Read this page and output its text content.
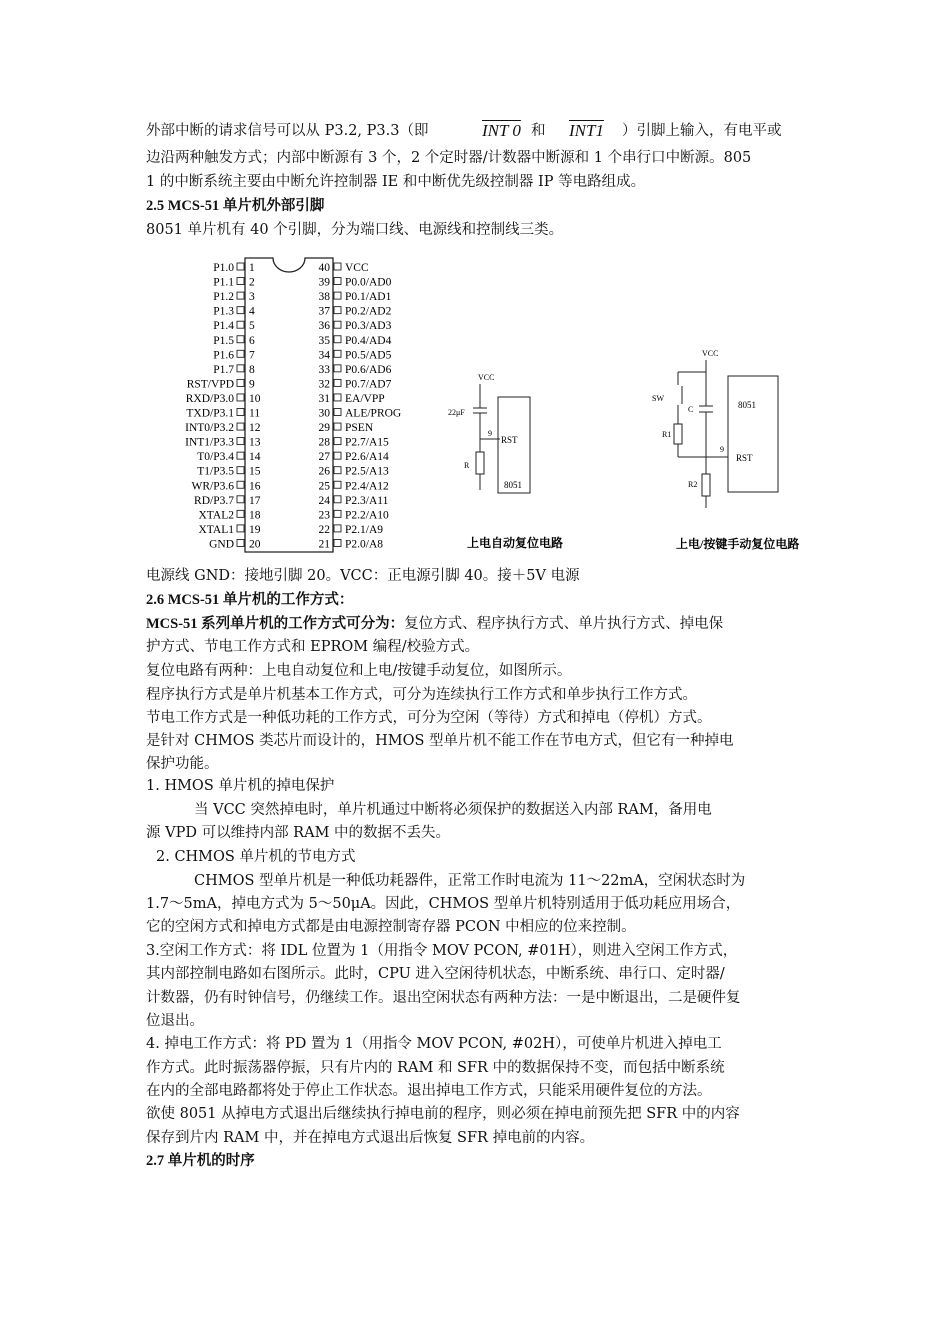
外部中断的请求信号可以从 P3.2, P3.3（即	INT 0 和 INT1 ）引脚上输入，有电平或
边沿两种触发方式；内部中断源有 3 个，2 个定时器/计数器中断源和 1 个串行口中断源。805
1 的中断系统主要由中断允许控制器 IE 和中断优先级控制器 IP 等电路组成。
2.5 MCS-51 单片机外部引脚
8051 单片机有 40 个引脚，分为端口线、电源线和控制线三类。
P1.0 1
P1.1 2
P1.2 3
P1.3 4
P1.4 5
P1.5 6
P1.6 7
P1.7 8
RST/VPD 9
RXD/P3.0 10
TXD/P3.1 11
INT0/P3.2 12
INT1/P3.3 13
T0/P3.4 14
T1/P3.5 15
WR/P3.6 16
RD/P3.7 17
XTAL2 18
XTAL1 19
GND 20
VCC
40
P0.0/AD0
39
P0.1/AD1
38
P0.2/AD2
37
P0.3/AD3
36
P0.4/AD4
35
P0.5/AD5
34
P0.6/AD6
33
P0.7/AD7
32
EA/VPP
31
ALE/PROG
30
PSEN
29
P2.7/A15
28
P2.6/A14
27
P2.5/A13
26
P2.4/A12
25
P2.3/A11
24
P2.2/A10
23
P2.1/A9
22
P2.0/A8
21
VCC
22μF
9
R
RST
8051
上电自动复位电路
VCC
SW
R1
C
9
R2
8051
RST
上电/按键手动复位电路
电源线 GND：接地引脚 20。VCC：正电源引脚 40。接＋5V 电源
2.6 MCS-51 单片机的工作方式：
MCS-51 系列单片机的工作方式可分为：复位方式、程序执行方式、单片执行方式、掉电保
护方式、节电工作方式和 EPROM 编程/校验方式。
复位电路有两种：上电自动复位和上电/按键手动复位，如图所示。
程序执行方式是单片机基本工作方式，可分为连续执行工作方式和单步执行工作方式。
节电工作方式是一种低功耗的工作方式，可分为空闲（等待）方式和掉电（停机）方式。
是针对 CHMOS 类芯片而设计的，HMOS 型单片机不能工作在节电方式，但它有一种掉电
保护功能。
1. HMOS 单片机的掉电保护
当 VCC 突然掉电时，单片机通过中断将必须保护的数据送入内部 RAM，备用电
源 VPD 可以维持内部 RAM 中的数据不丢失。
2. CHMOS 单片机的节电方式
CHMOS 型单片机是一种低功耗器件，正常工作时电流为 11～22mA，空闲状态时为
1.7～5mA，掉电方式为 5～50μA。因此，CHMOS 型单片机特别适用于低功耗应用场合，
它的空闲方式和掉电方式都是由电源控制寄存器 PCON 中相应的位来控制。
3.空闲工作方式：将 IDL 位置为 1（用指令 MOV PCON, #01H），则进入空闲工作方式，
其内部控制电路如右图所示。此时，CPU 进入空闲待机状态，中断系统、串行口、定时器/
计数器，仍有时钟信号，仍继续工作。退出空闲状态有两种方法：一是中断退出，二是硬件复
位退出。
4. 掉电工作方式：将 PD 置为 1（用指令 MOV PCON, #02H），可使单片机进入掉电工
作方式。此时振荡器停振，只有片内的 RAM 和 SFR 中的数据保持不变，而包括中断系统
在内的全部电路都将处于停止工作状态。退出掉电工作方式，只能采用硬件复位的方法。
欲使 8051 从掉电方式退出后继续执行掉电前的程序，则必须在掉电前预先把 SFR 中的内容
保存到片内 RAM 中，并在掉电方式退出后恢复 SFR 掉电前的内容。
2.7 单片机的时序
